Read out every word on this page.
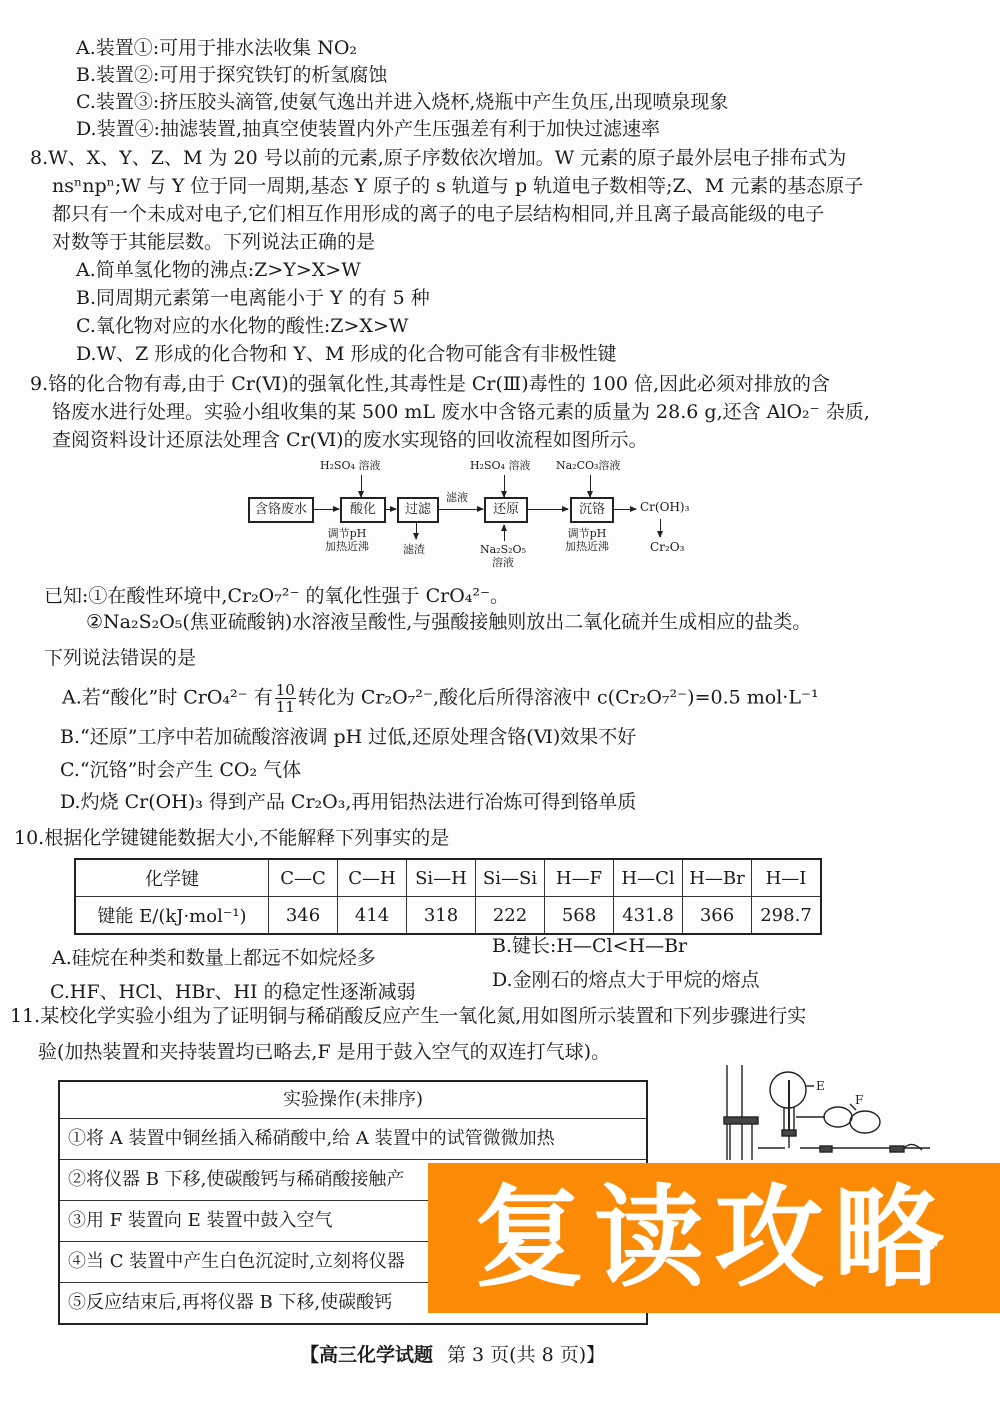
A.装置①:可用于排水法收集 NO₂
B.装置②:可用于探究铁钉的析氢腐蚀
C.装置③:挤压胶头滴管,使氨气逸出并进入烧杯,烧瓶中产生负压,出现喷泉现象
D.装置④:抽滤装置,抽真空使装置内外产生压强差有利于加快过滤速率
8.W、X、Y、Z、M 为 20 号以前的元素,原子序数依次增加。W 元素的原子最外层电子排布式为
nsⁿnpⁿ;W 与 Y 位于同一周期,基态 Y 原子的 s 轨道与 p 轨道电子数相等;Z、M 元素的基态原子
都只有一个未成对电子,它们相互作用形成的离子的电子层结构相同,并且离子最高能级的电子
对数等于其能层数。下列说法正确的是
A.简单氢化物的沸点:Z>Y>X>W
B.同周期元素第一电离能小于 Y 的有 5 种
C.氧化物对应的水化物的酸性:Z>X>W
D.W、Z 形成的化合物和 Y、M 形成的化合物可能含有非极性键
9.铬的化合物有毒,由于 Cr(Ⅵ)的强氧化性,其毒性是 Cr(Ⅲ)毒性的 100 倍,因此必须对排放的含
铬废水进行处理。实验小组收集的某 500 mL 废水中含铬元素的质量为 28.6 g,还含 AlO₂⁻ 杂质,
查阅资料设计还原法处理含 Cr(Ⅵ)的废水实现铬的回收流程如图所示。
H₂SO₄ 溶液
含铬废水	酸化
调节pH
加热近沸
过滤
滤渣
滤液
H₂SO₄ 溶液
还原
Na₂S₂O₅
溶液
Na₂CO₃溶液
沉铬
调节pH
加热近沸
Cr(OH)₃
Cr₂O₃
已知:①在酸性环境中,Cr₂O₇²⁻ 的氧化性强于 CrO₄²⁻。
②Na₂S₂O₅(焦亚硫酸钠)水溶液呈酸性,与强酸接触则放出二氧化硫并生成相应的盐类。
下列说法错误的是
A.若“酸化”时 CrO₄²⁻ 有 $\frac{10}{11}$ 转化为 Cr₂O₇²⁻,酸化后所得溶液中 c(Cr₂O₇²⁻)=0.5 mol·L⁻¹
B.“还原”工序中若加硫酸溶液调 pH 过低,还原处理含铬(Ⅵ)效果不好
C.“沉铬”时会产生 CO₂ 气体
D.灼烧 Cr(OH)₃ 得到产品 Cr₂O₃,再用铝热法进行冶炼可得到铬单质
10.根据化学键键能数据大小,不能解释下列事实的是
化学键	C—C	C—H	Si—H	Si—Si	H—F	H—Cl	H—Br	H—I
键能 E/(kJ·mol⁻¹)	346	414	318	222	568	431.8	366	298.7
A.硅烷在种类和数量上都远不如烷烃多
B.键长:H—Cl<H—Br
C.HF、HCl、HBr、HI 的稳定性逐渐减弱
D.金刚石的熔点大于甲烷的熔点
11.某校化学实验小组为了证明铜与稀硝酸反应产生一氧化氮,用如图所示装置和下列步骤进行实
验(加热装置和夹持装置均已略去,F 是用于鼓入空气的双连打气球)。
实验操作(未排序)
①将 A 装置中铜丝插入稀硝酸中,给 A 装置中的试管微微加热
②将仪器 B 下移,使碳酸钙与稀硝酸接触产
③用 F 装置向 E 装置中鼓入空气
④当 C 装置中产生白色沉淀时,立刻将仪器
⑤反应结束后,再将仪器 B 下移,使碳酸钙
E
F
复读攻略
【高三化学试题 第 3 页(共 8 页)】
